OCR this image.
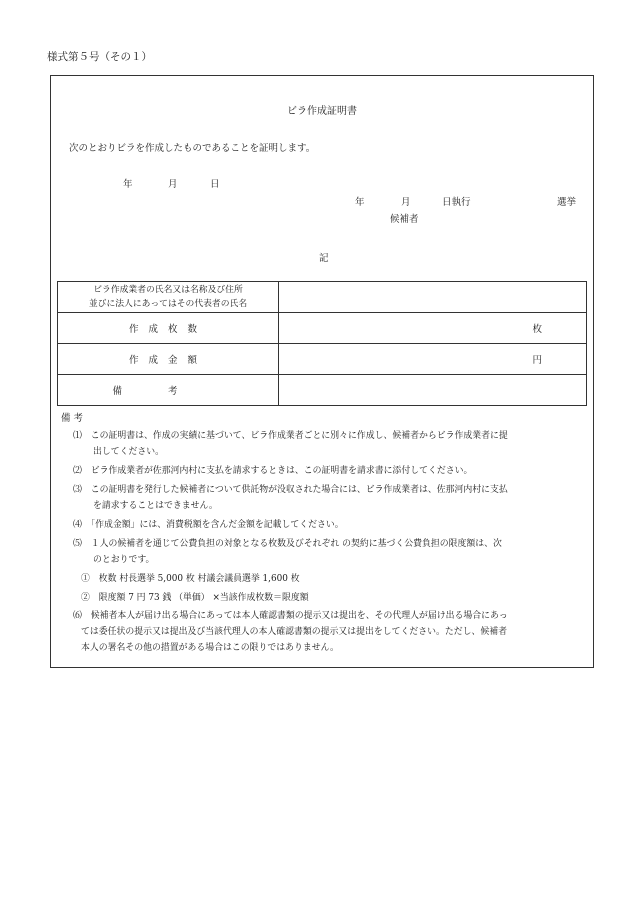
様式第５号（その１）
ビラ作成証明書
次のとおりビラを作成したものであることを証明します。
年	月	日
年	月	日執行	選挙
候補者
記
ビラ作成業者の氏名又は名称及び住所
並びに法人にあってはその代表者の氏名	

作成枚数	枚
作成金額	円
備考	
備 考
⑴　この証明書は、作成の実績に基づいて、ビラ作成業者ごとに別々に作成し、候補者からビラ作成業者に提
出してください。
⑵　ビラ作成業者が佐那河内村に支払を請求するときは、この証明書を請求書に添付してください。
⑶　この証明書を発行した候補者について供託物が没収された場合には、ビラ作成業者は、佐那河内村に支払
を請求することはできません。
⑷　「作成金額」には、消費税額を含んだ金額を記載してください。
⑸　１人の候補者を通じて公費負担の対象となる枚数及びそれぞれ の契約に基づく公費負担の限度額は、次
のとおりです。
①　枚数 村長選挙 5,000 枚 村議会議員選挙 1,600 枚
②　限度額 7 円 73 銭 （単価） ×当該作成枚数＝限度額
⑹　候補者本人が届け出る場合にあっては本人確認書類の提示又は提出を、その代理人が届け出る場合にあっ
ては委任状の提示又は提出及び当該代理人の本人確認書類の提示又は提出をしてください。ただし、候補者
本人の署名その他の措置がある場合はこの限りではありません。
